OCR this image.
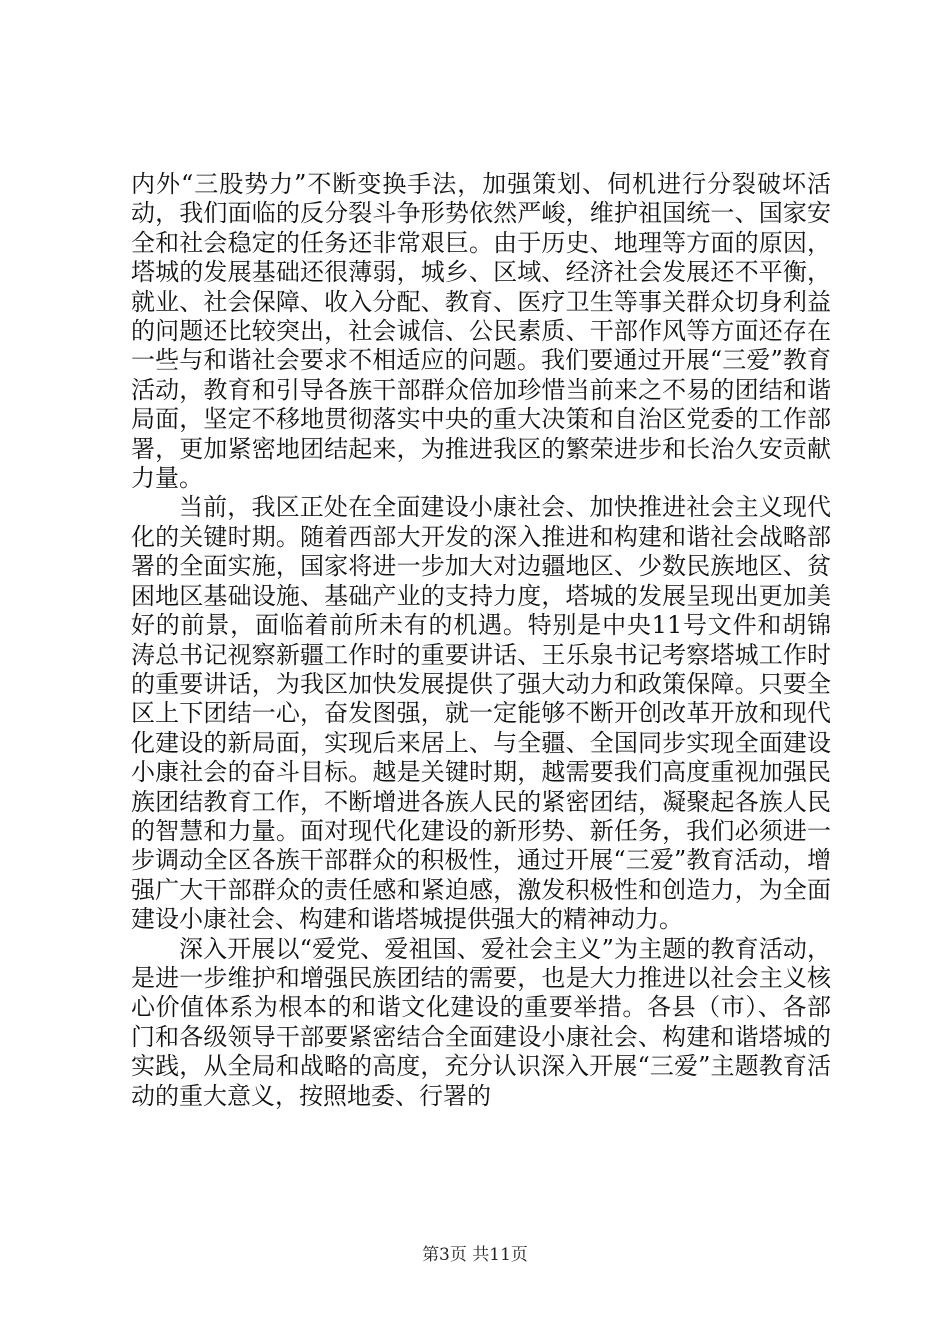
内外“三股势力”不断变换手法，加强策划、伺机进行分裂破坏活动，我们面临的反分裂斗争形势依然严峻，维护祖国统一、国家安全和社会稳定的任务还非常艰巨。由于历史、地理等方面的原因，塔城的发展基础还很薄弱，城乡、区域、经济社会发展还不平衡，就业、社会保障、收入分配、教育、医疗卫生等事关群众切身利益的问题还比较突出，社会诚信、公民素质、干部作风等方面还存在一些与和谐社会要求不相适应的问题。我们要通过开展“三爱”教育活动，教育和引导各族干部群众倍加珍惜当前来之不易的团结和谐局面，坚定不移地贯彻落实中央的重大决策和自治区党委的工作部署，更加紧密地团结起来，为推进我区的繁荣进步和长治久安贡献力量。

当前，我区正处在全面建设小康社会、加快推进社会主义现代化的关键时期。随着西部大开发的深入推进和构建和谐社会战略部署的全面实施，国家将进一步加大对边疆地区、少数民族地区、贫困地区基础设施、基础产业的支持力度，塔城的发展呈现出更加美好的前景，面临着前所未有的机遇。特别是中央11号文件和胡锦涛总书记视察新疆工作时的重要讲话、王乐泉书记考察塔城工作时的重要讲话，为我区加快发展提供了强大动力和政策保障。只要全区上下团结一心，奋发图强，就一定能够不断开创改革开放和现代化建设的新局面，实现后来居上、与全疆、全国同步实现全面建设小康社会的奋斗目标。越是关键时期，越需要我们高度重视加强民族团结教育工作，不断增进各族人民的紧密团结，凝聚起各族人民的智慧和力量。面对现代化建设的新形势、新任务，我们必须进一步调动全区各族干部群众的积极性，通过开展“三爱”教育活动，增强广大干部群众的责任感和紧迫感，激发积极性和创造力，为全面建设小康社会、构建和谐塔城提供强大的精神动力。

深入开展以“爱党、爱祖国、爱社会主义”为主题的教育活动，是进一步维护和增强民族团结的需要，也是大力推进以社会主义核心价值体系为根本的和谐文化建设的重要举措。各县（市）、各部门和各级领导干部要紧密结合全面建设小康社会、构建和谐塔城的实践，从全局和战略的高度，充分认识深入开展“三爱”主题教育活动的重大意义，按照地委、行署的

第3页 共11页
